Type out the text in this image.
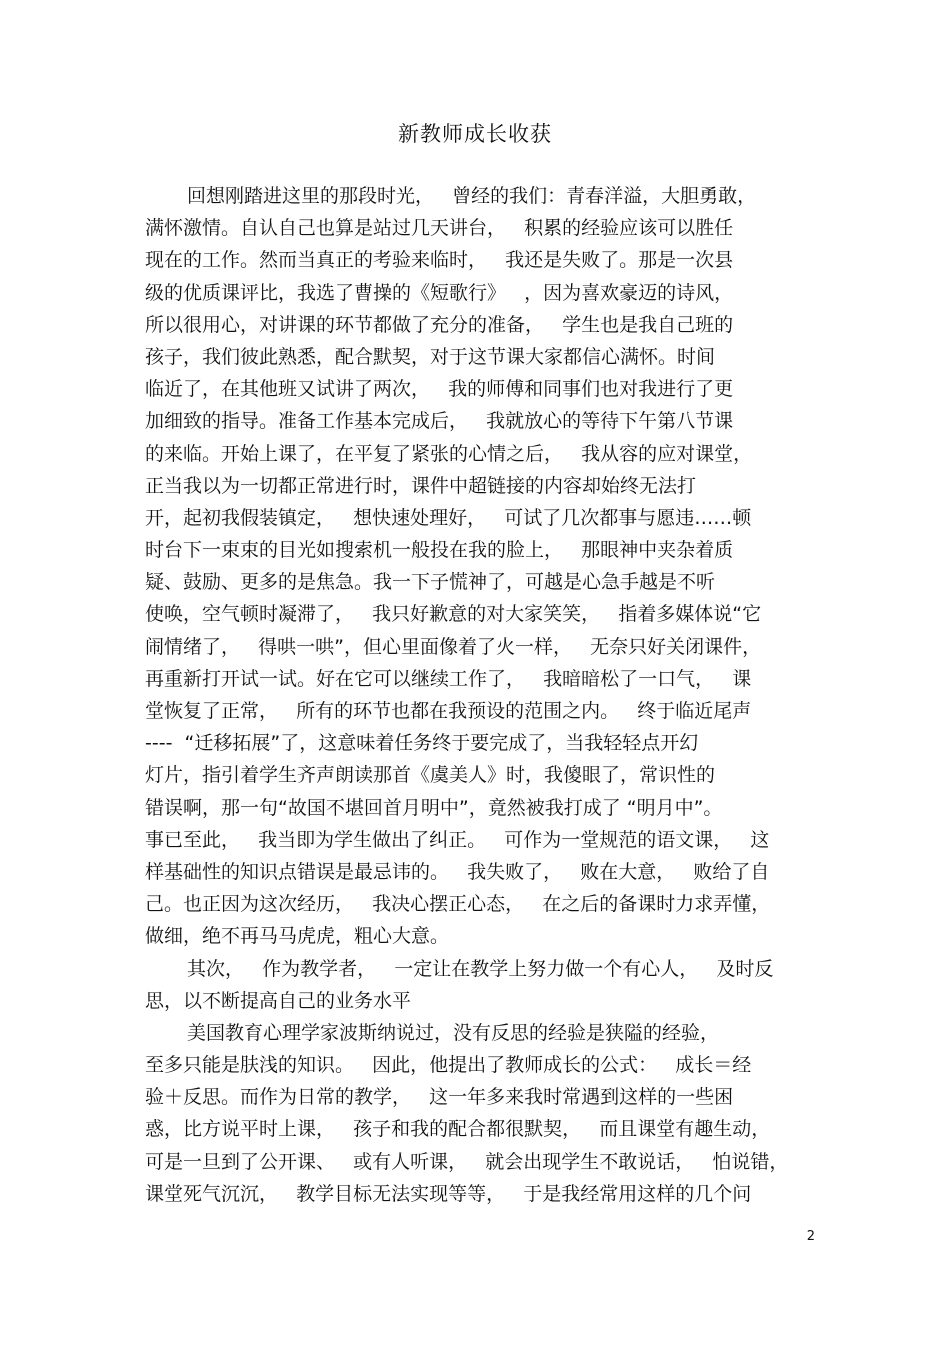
新教师成长收获
回想刚踏进这里的那段时光，   曾经的我们：青春洋溢，大胆勇敢，
满怀激情。自认自己也算是站过几天讲台，   积累的经验应该可以胜任
现在的工作。然而当真正的考验来临时，   我还是失败了。那是一次县
级的优质课评比，我选了曹操的《短歌行》   ，因为喜欢豪迈的诗风，
所以很用心，对讲课的环节都做了充分的准备，   学生也是我自己班的
孩子，我们彼此熟悉，配合默契，对于这节课大家都信心满怀。时间
临近了，在其他班又试讲了两次，   我的师傅和同事们也对我进行了更
加细致的指导。准备工作基本完成后，   我就放心的等待下午第八节课
的来临。开始上课了，在平复了紧张的心情之后，   我从容的应对课堂，
正当我以为一切都正常进行时，课件中超链接的内容却始终无法打
开，起初我假装镇定，   想快速处理好，   可试了几次都事与愿违……顿
时台下一束束的目光如搜索机一般投在我的脸上，   那眼神中夹杂着质
疑、鼓励、更多的是焦急。我一下子慌神了，可越是心急手越是不听
使唤，空气顿时凝滞了，   我只好歉意的对大家笑笑，   指着多媒体说“它
闹情绪了，   得哄一哄”，但心里面像着了火一样，   无奈只好关闭课件，
再重新打开试一试。好在它可以继续工作了，   我暗暗松了一口气，   课
堂恢复了正常，   所有的环节也都在我预设的范围之内。   终于临近尾声
----  “迁移拓展”了，这意味着任务终于要完成了，当我轻轻点开幻
灯片，指引着学生齐声朗读那首《虞美人》时，我傻眼了，常识性的
错误啊，那一句“故国不堪回首月明中”，竟然被我打成了 “明月中”。
事已至此，   我当即为学生做出了纠正。   可作为一堂规范的语文课，   这
样基础性的知识点错误是最忌讳的。   我失败了，   败在大意，   败给了自
己。也正因为这次经历，   我决心摆正心态，   在之后的备课时力求弄懂，
做细，绝不再马马虎虎，粗心大意。
其次，   作为教学者，   一定让在教学上努力做一个有心人，   及时反
思，以不断提高自己的业务水平
美国教育心理学家波斯纳说过，没有反思的经验是狭隘的经验，
至多只能是肤浅的知识。   因此，他提出了教师成长的公式：   成长＝经
验＋反思。而作为日常的教学，   这一年多来我时常遇到这样的一些困
惑，比方说平时上课，   孩子和我的配合都很默契，   而且课堂有趣生动，
可是一旦到了公开课、   或有人听课，   就会出现学生不敢说话，   怕说错，
课堂死气沉沉，   教学目标无法实现等等，   于是我经常用这样的几个问
2
